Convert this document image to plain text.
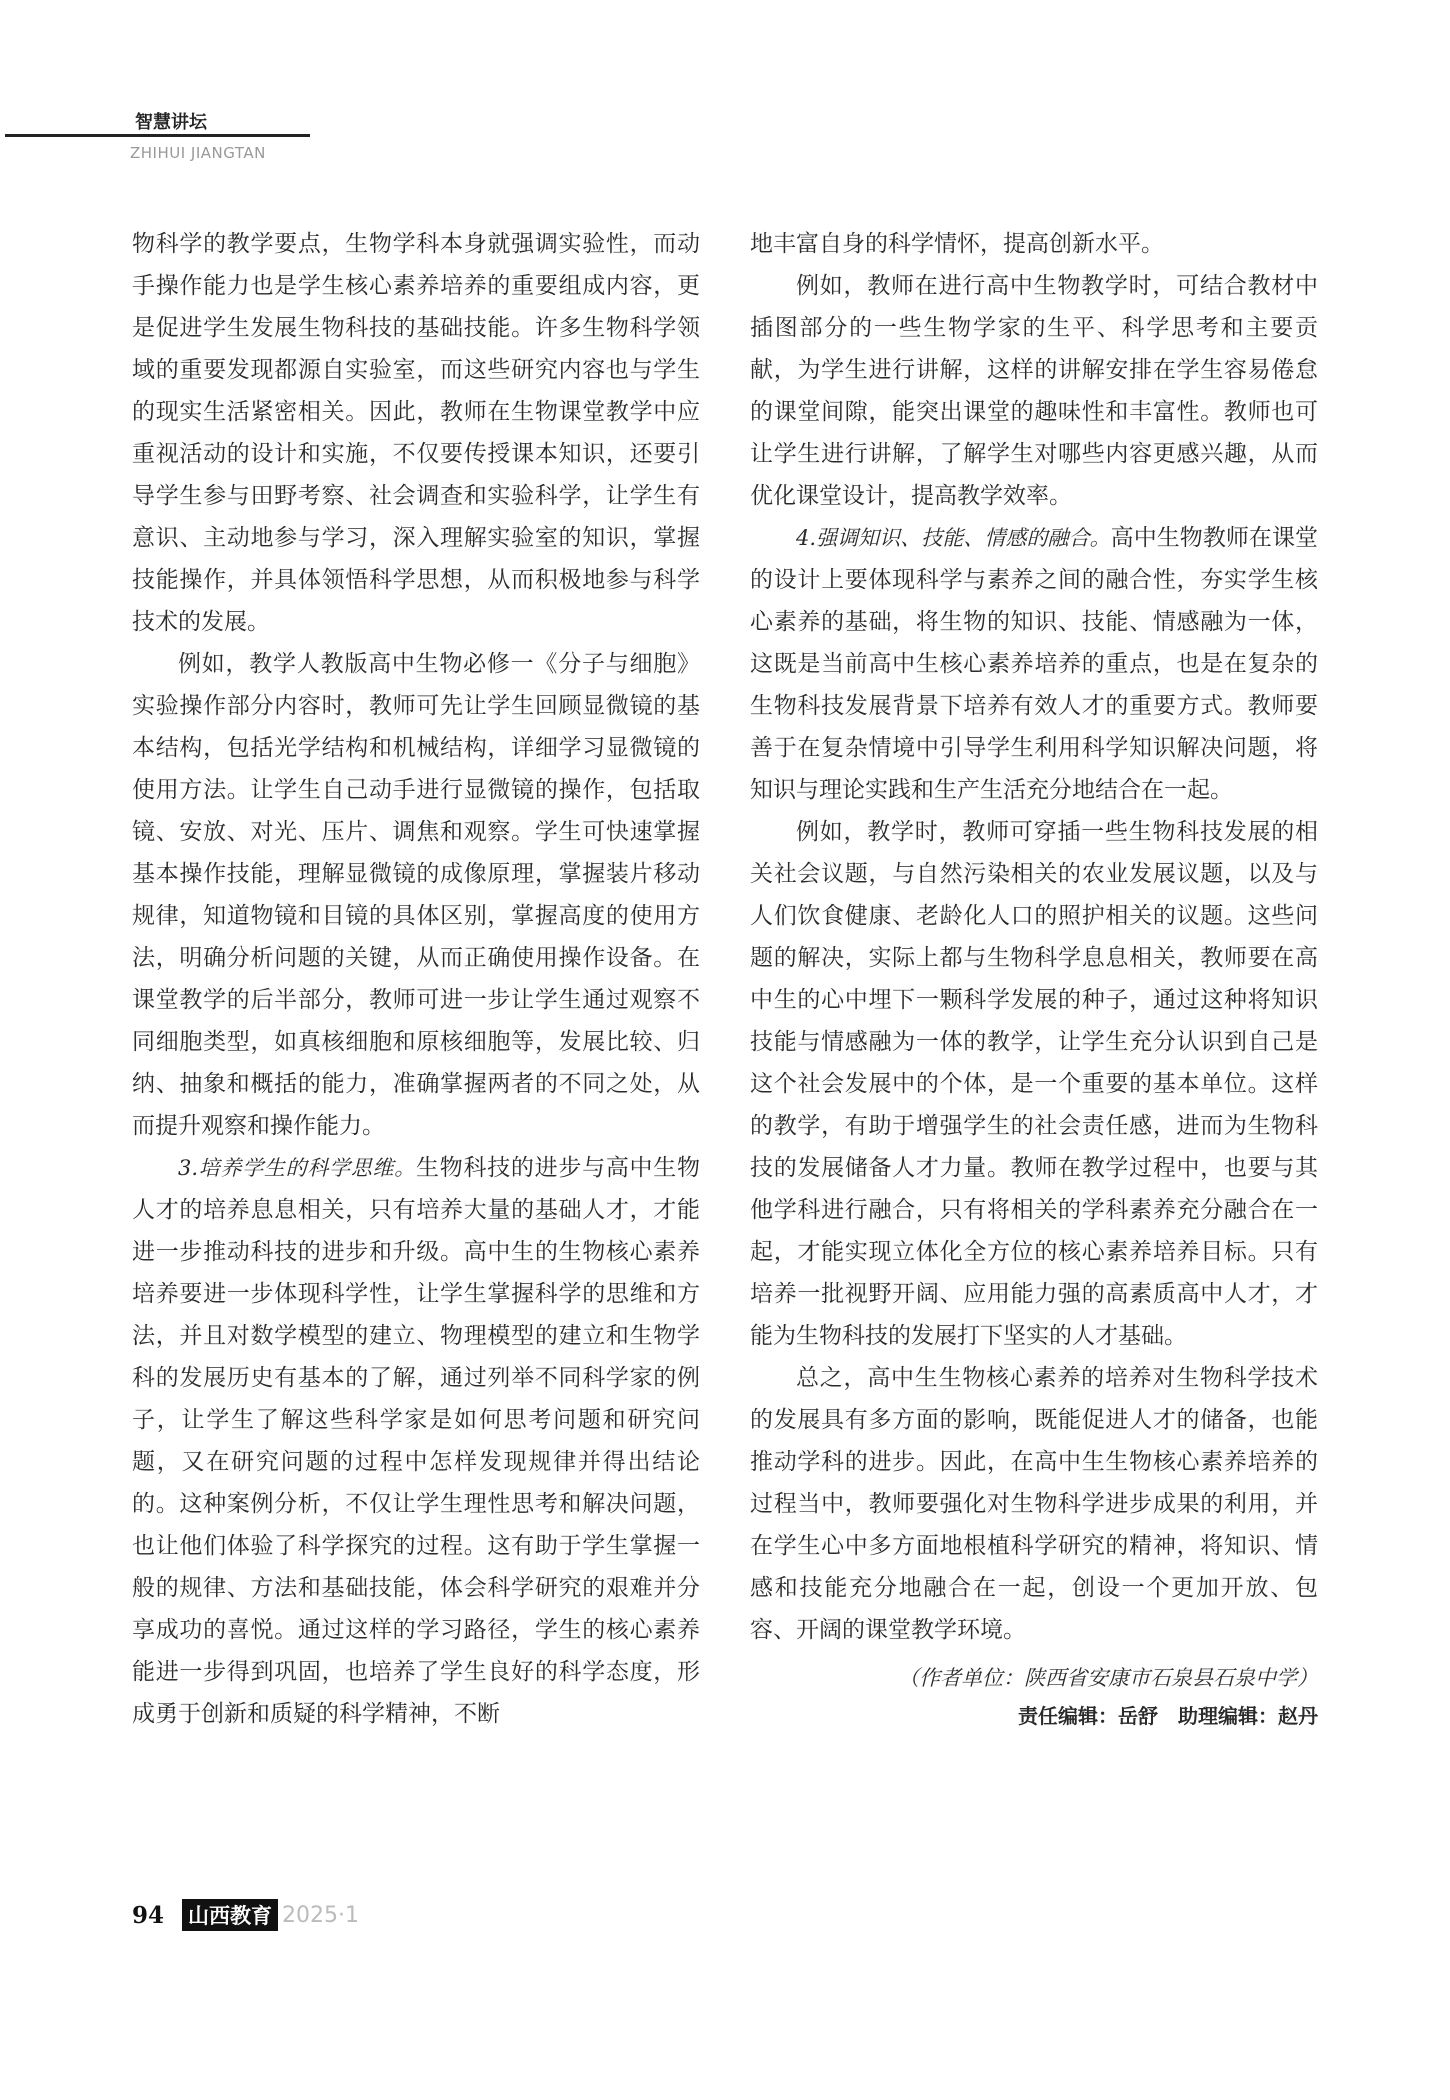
智慧讲坛
ZHIHUI JIANGTAN

物科学的教学要点，生物学科本身就强调实验性，而动手操作能力也是学生核心素养培养的重要组成内容，更是促进学生发展生物科技的基础技能。许多生物科学领域的重要发现都源自实验室，而这些研究内容也与学生的现实生活紧密相关。因此，教师在生物课堂教学中应重视活动的设计和实施，不仅要传授课本知识，还要引导学生参与田野考察、社会调查和实验科学，让学生有意识、主动地参与学习，深入理解实验室的知识，掌握技能操作，并具体领悟科学思想，从而积极地参与科学技术的发展。

例如，教学人教版高中生物必修一《分子与细胞》实验操作部分内容时，教师可先让学生回顾显微镜的基本结构，包括光学结构和机械结构，详细学习显微镜的使用方法。让学生自己动手进行显微镜的操作，包括取镜、安放、对光、压片、调焦和观察。学生可快速掌握基本操作技能，理解显微镜的成像原理，掌握装片移动规律，知道物镜和目镜的具体区别，掌握高度的使用方法，明确分析问题的关键，从而正确使用操作设备。在课堂教学的后半部分，教师可进一步让学生通过观察不同细胞类型，如真核细胞和原核细胞等，发展比较、归纳、抽象和概括的能力，准确掌握两者的不同之处，从而提升观察和操作能力。

3.培养学生的科学思维。生物科技的进步与高中生物人才的培养息息相关，只有培养大量的基础人才，才能进一步推动科技的进步和升级。高中生的生物核心素养培养要进一步体现科学性，让学生掌握科学的思维和方法，并且对数学模型的建立、物理模型的建立和生物学科的发展历史有基本的了解，通过列举不同科学家的例子，让学生了解这些科学家是如何思考问题和研究问题，又在研究问题的过程中怎样发现规律并得出结论的。这种案例分析，不仅让学生理性思考和解决问题，也让他们体验了科学探究的过程。这有助于学生掌握一般的规律、方法和基础技能，体会科学研究的艰难并分享成功的喜悦。通过这样的学习路径，学生的核心素养能进一步得到巩固，也培养了学生良好的科学态度，形成勇于创新和质疑的科学精神，不断

地丰富自身的科学情怀，提高创新水平。

例如，教师在进行高中生物教学时，可结合教材中插图部分的一些生物学家的生平、科学思考和主要贡献，为学生进行讲解，这样的讲解安排在学生容易倦怠的课堂间隙，能突出课堂的趣味性和丰富性。教师也可让学生进行讲解，了解学生对哪些内容更感兴趣，从而优化课堂设计，提高教学效率。

4.强调知识、技能、情感的融合。高中生物教师在课堂的设计上要体现科学与素养之间的融合性，夯实学生核心素养的基础，将生物的知识、技能、情感融为一体，这既是当前高中生核心素养培养的重点，也是在复杂的生物科技发展背景下培养有效人才的重要方式。教师要善于在复杂情境中引导学生利用科学知识解决问题，将知识与理论实践和生产生活充分地结合在一起。

例如，教学时，教师可穿插一些生物科技发展的相关社会议题，与自然污染相关的农业发展议题，以及与人们饮食健康、老龄化人口的照护相关的议题。这些问题的解决，实际上都与生物科学息息相关，教师要在高中生的心中埋下一颗科学发展的种子，通过这种将知识技能与情感融为一体的教学，让学生充分认识到自己是这个社会发展中的个体，是一个重要的基本单位。这样的教学，有助于增强学生的社会责任感，进而为生物科技的发展储备人才力量。教师在教学过程中，也要与其他学科进行融合，只有将相关的学科素养充分融合在一起，才能实现立体化全方位的核心素养培养目标。只有培养一批视野开阔、应用能力强的高素质高中人才，才能为生物科技的发展打下坚实的人才基础。

总之，高中生生物核心素养的培养对生物科学技术的发展具有多方面的影响，既能促进人才的储备，也能推动学科的进步。因此，在高中生生物核心素养培养的过程当中，教师要强化对生物科学进步成果的利用，并在学生心中多方面地根植科学研究的精神，将知识、情感和技能充分地融合在一起，创设一个更加开放、包容、开阔的课堂教学环境。

（作者单位：陕西省安康市石泉县石泉中学）
责任编辑：岳舒　助理编辑：赵丹
94 山西教育 2025·1
